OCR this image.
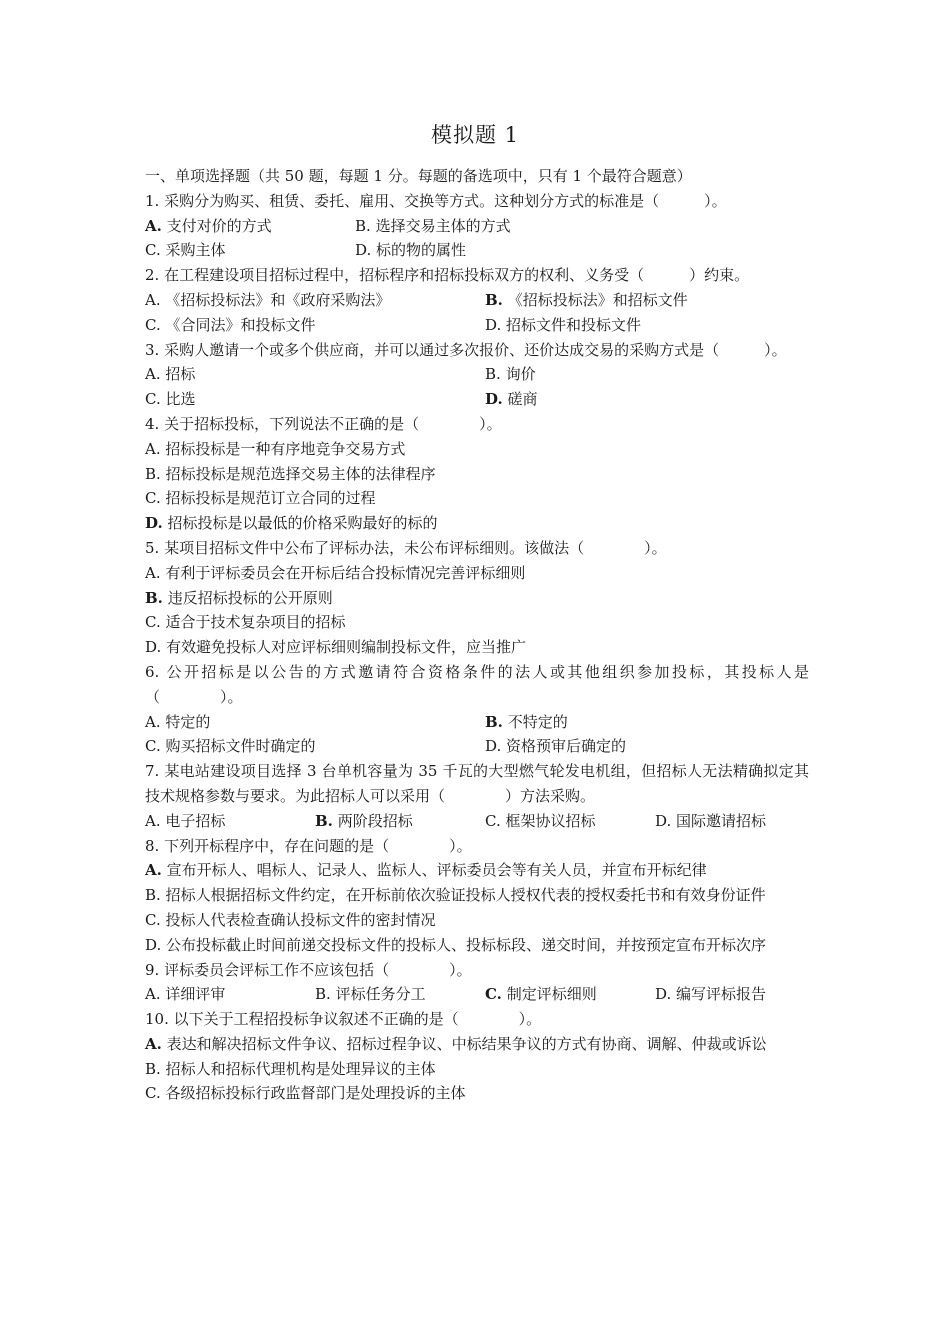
模拟题 1
一、单项选择题（共 50 题，每题 1 分。每题的备选项中，只有 1 个最符合题意）
1. 采购分为购买、租赁、委托、雇用、交换等方式。这种划分方式的标准是（　　　）。
A. 支付对价的方式	B. 选择交易主体的方式
C. 采购主体	D. 标的物的属性
2. 在工程建设项目招标过程中，招标程序和招标投标双方的权利、义务受（　　　）约束。
A. 《招标投标法》和《政府采购法》	B. 《招标投标法》和招标文件
C. 《合同法》和投标文件	D. 招标文件和投标文件
3. 采购人邀请一个或多个供应商，并可以通过多次报价、还价达成交易的采购方式是（　　　）。
A. 招标	B. 询价
C. 比选	D. 磋商
4. 关于招标投标，下列说法不正确的是（　　　　）。
A. 招标投标是一种有序地竞争交易方式
B. 招标投标是规范选择交易主体的法律程序
C. 招标投标是规范订立合同的过程
D. 招标投标是以最低的价格采购最好的标的
5. 某项目招标文件中公布了评标办法，未公布评标细则。该做法（　　　　）。
A. 有利于评标委员会在开标后结合投标情况完善评标细则
B. 违反招标投标的公开原则
C. 适合于技术复杂项目的招标
D. 有效避免投标人对应评标细则编制投标文件，应当推广
6. 公开招标是以公告的方式邀请符合资格条件的法人或其他组织参加投标，其投标人是（　　　　）。
A. 特定的	B. 不特定的
C. 购买招标文件时确定的	D. 资格预审后确定的
7. 某电站建设项目选择 3 台单机容量为 35 千瓦的大型燃气轮发电机组，但招标人无法精确拟定其技术规格参数与要求。为此招标人可以采用（　　　　）方法采购。
A. 电子招标	B. 两阶段招标	C. 框架协议招标	D. 国际邀请招标
8. 下列开标程序中，存在问题的是（　　　　）。
A. 宣布开标人、唱标人、记录人、监标人、评标委员会等有关人员，并宣布开标纪律
B. 招标人根据招标文件约定，在开标前依次验证投标人授权代表的授权委托书和有效身份证件
C. 投标人代表检查确认投标文件的密封情况
D. 公布投标截止时间前递交投标文件的投标人、投标标段、递交时间，并按预定宣布开标次序
9. 评标委员会评标工作不应该包括（　　　　）。
A. 详细评审	B. 评标任务分工	C. 制定评标细则	D. 编写评标报告
10. 以下关于工程招投标争议叙述不正确的是（　　　　）。
A. 表达和解决招标文件争议、招标过程争议、中标结果争议的方式有协商、调解、仲裁或诉讼
B. 招标人和招标代理机构是处理异议的主体
C. 各级招标投标行政监督部门是处理投诉的主体
